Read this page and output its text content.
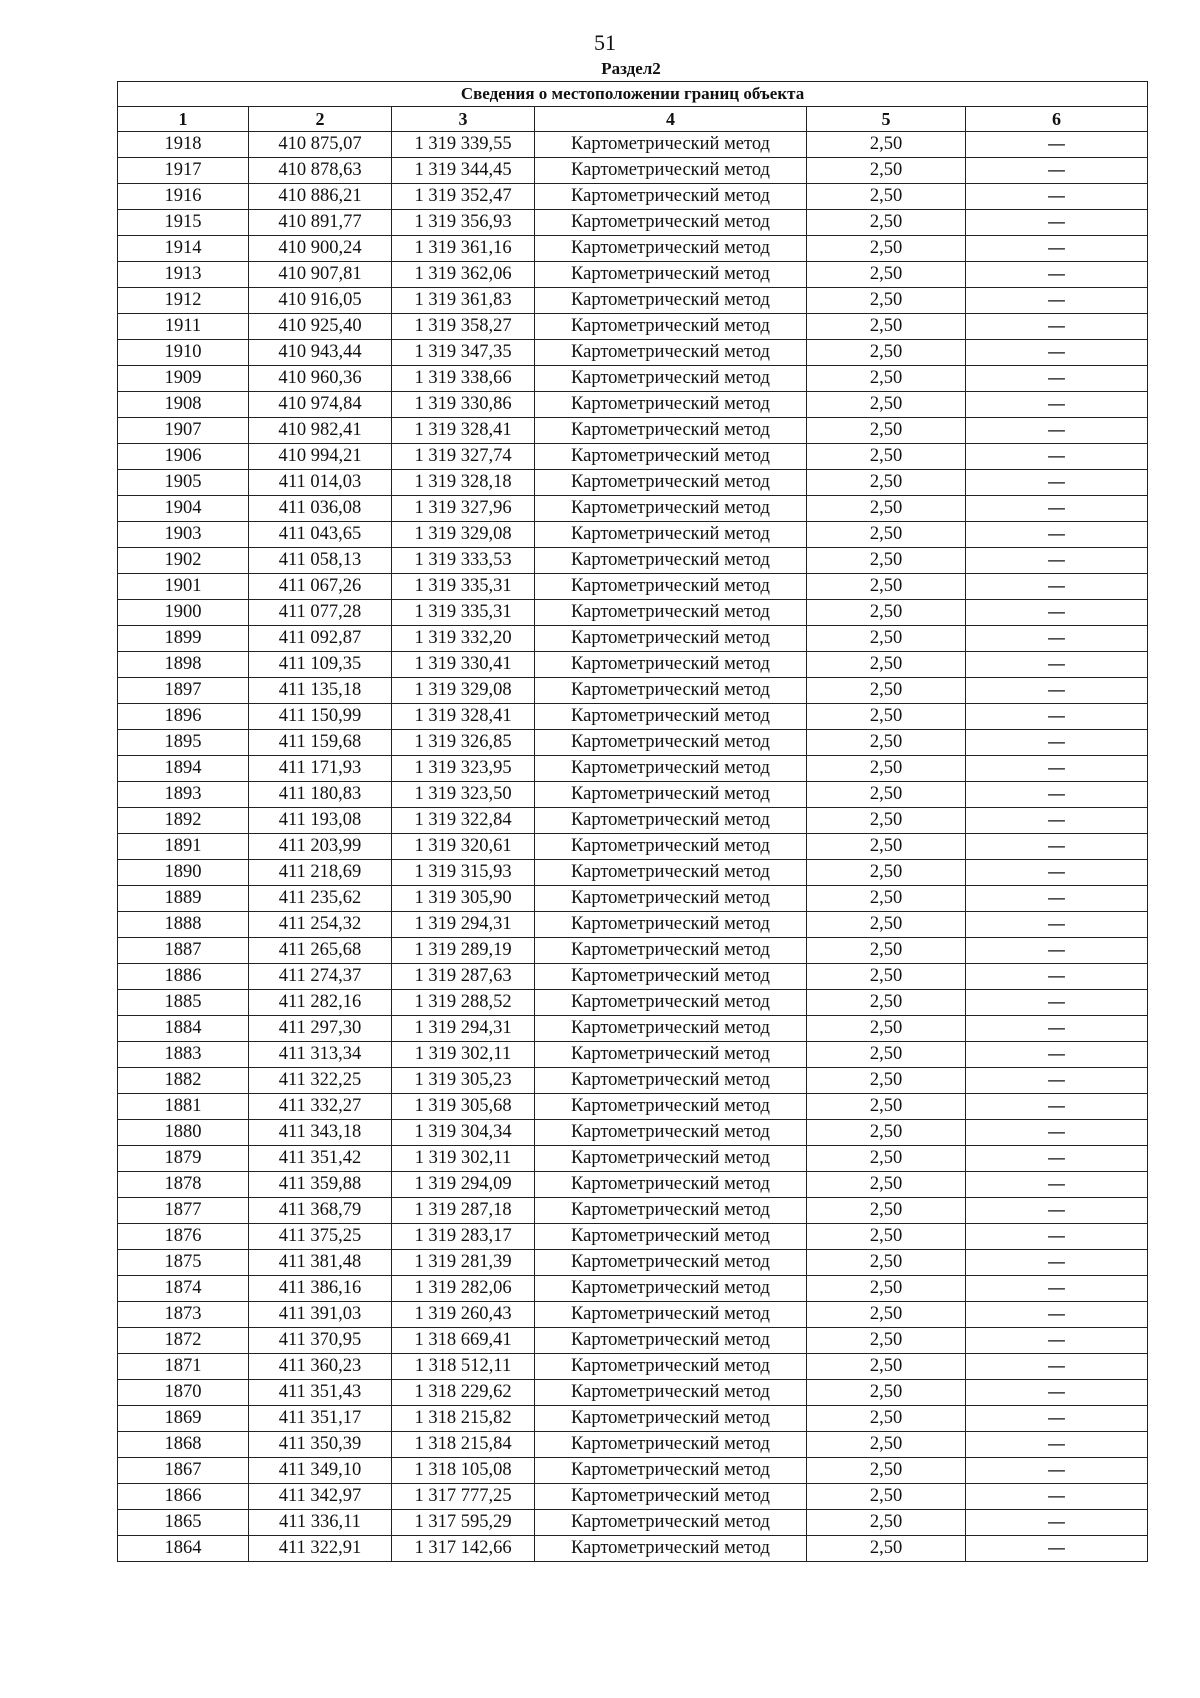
51
Раздел2
Сведения о местоположении границ объекта					
1	2	3	4	5	6
1918	410 875,07	1 319 339,55	Картометрический метод	2,50	—
1917	410 878,63	1 319 344,45	Картометрический метод	2,50	—
1916	410 886,21	1 319 352,47	Картометрический метод	2,50	—
1915	410 891,77	1 319 356,93	Картометрический метод	2,50	—
1914	410 900,24	1 319 361,16	Картометрический метод	2,50	—
1913	410 907,81	1 319 362,06	Картометрический метод	2,50	—
1912	410 916,05	1 319 361,83	Картометрический метод	2,50	—
1911	410 925,40	1 319 358,27	Картометрический метод	2,50	—
1910	410 943,44	1 319 347,35	Картометрический метод	2,50	—
1909	410 960,36	1 319 338,66	Картометрический метод	2,50	—
1908	410 974,84	1 319 330,86	Картометрический метод	2,50	—
1907	410 982,41	1 319 328,41	Картометрический метод	2,50	—
1906	410 994,21	1 319 327,74	Картометрический метод	2,50	—
1905	411 014,03	1 319 328,18	Картометрический метод	2,50	—
1904	411 036,08	1 319 327,96	Картометрический метод	2,50	—
1903	411 043,65	1 319 329,08	Картометрический метод	2,50	—
1902	411 058,13	1 319 333,53	Картометрический метод	2,50	—
1901	411 067,26	1 319 335,31	Картометрический метод	2,50	—
1900	411 077,28	1 319 335,31	Картометрический метод	2,50	—
1899	411 092,87	1 319 332,20	Картометрический метод	2,50	—
1898	411 109,35	1 319 330,41	Картометрический метод	2,50	—
1897	411 135,18	1 319 329,08	Картометрический метод	2,50	—
1896	411 150,99	1 319 328,41	Картометрический метод	2,50	—
1895	411 159,68	1 319 326,85	Картометрический метод	2,50	—
1894	411 171,93	1 319 323,95	Картометрический метод	2,50	—
1893	411 180,83	1 319 323,50	Картометрический метод	2,50	—
1892	411 193,08	1 319 322,84	Картометрический метод	2,50	—
1891	411 203,99	1 319 320,61	Картометрический метод	2,50	—
1890	411 218,69	1 319 315,93	Картометрический метод	2,50	—
1889	411 235,62	1 319 305,90	Картометрический метод	2,50	—
1888	411 254,32	1 319 294,31	Картометрический метод	2,50	—
1887	411 265,68	1 319 289,19	Картометрический метод	2,50	—
1886	411 274,37	1 319 287,63	Картометрический метод	2,50	—
1885	411 282,16	1 319 288,52	Картометрический метод	2,50	—
1884	411 297,30	1 319 294,31	Картометрический метод	2,50	—
1883	411 313,34	1 319 302,11	Картометрический метод	2,50	—
1882	411 322,25	1 319 305,23	Картометрический метод	2,50	—
1881	411 332,27	1 319 305,68	Картометрический метод	2,50	—
1880	411 343,18	1 319 304,34	Картометрический метод	2,50	—
1879	411 351,42	1 319 302,11	Картометрический метод	2,50	—
1878	411 359,88	1 319 294,09	Картометрический метод	2,50	—
1877	411 368,79	1 319 287,18	Картометрический метод	2,50	—
1876	411 375,25	1 319 283,17	Картометрический метод	2,50	—
1875	411 381,48	1 319 281,39	Картометрический метод	2,50	—
1874	411 386,16	1 319 282,06	Картометрический метод	2,50	—
1873	411 391,03	1 319 260,43	Картометрический метод	2,50	—
1872	411 370,95	1 318 669,41	Картометрический метод	2,50	—
1871	411 360,23	1 318 512,11	Картометрический метод	2,50	—
1870	411 351,43	1 318 229,62	Картометрический метод	2,50	—
1869	411 351,17	1 318 215,82	Картометрический метод	2,50	—
1868	411 350,39	1 318 215,84	Картометрический метод	2,50	—
1867	411 349,10	1 318 105,08	Картометрический метод	2,50	—
1866	411 342,97	1 317 777,25	Картометрический метод	2,50	—
1865	411 336,11	1 317 595,29	Картометрический метод	2,50	—
1864	411 322,91	1 317 142,66	Картометрический метод	2,50	—
